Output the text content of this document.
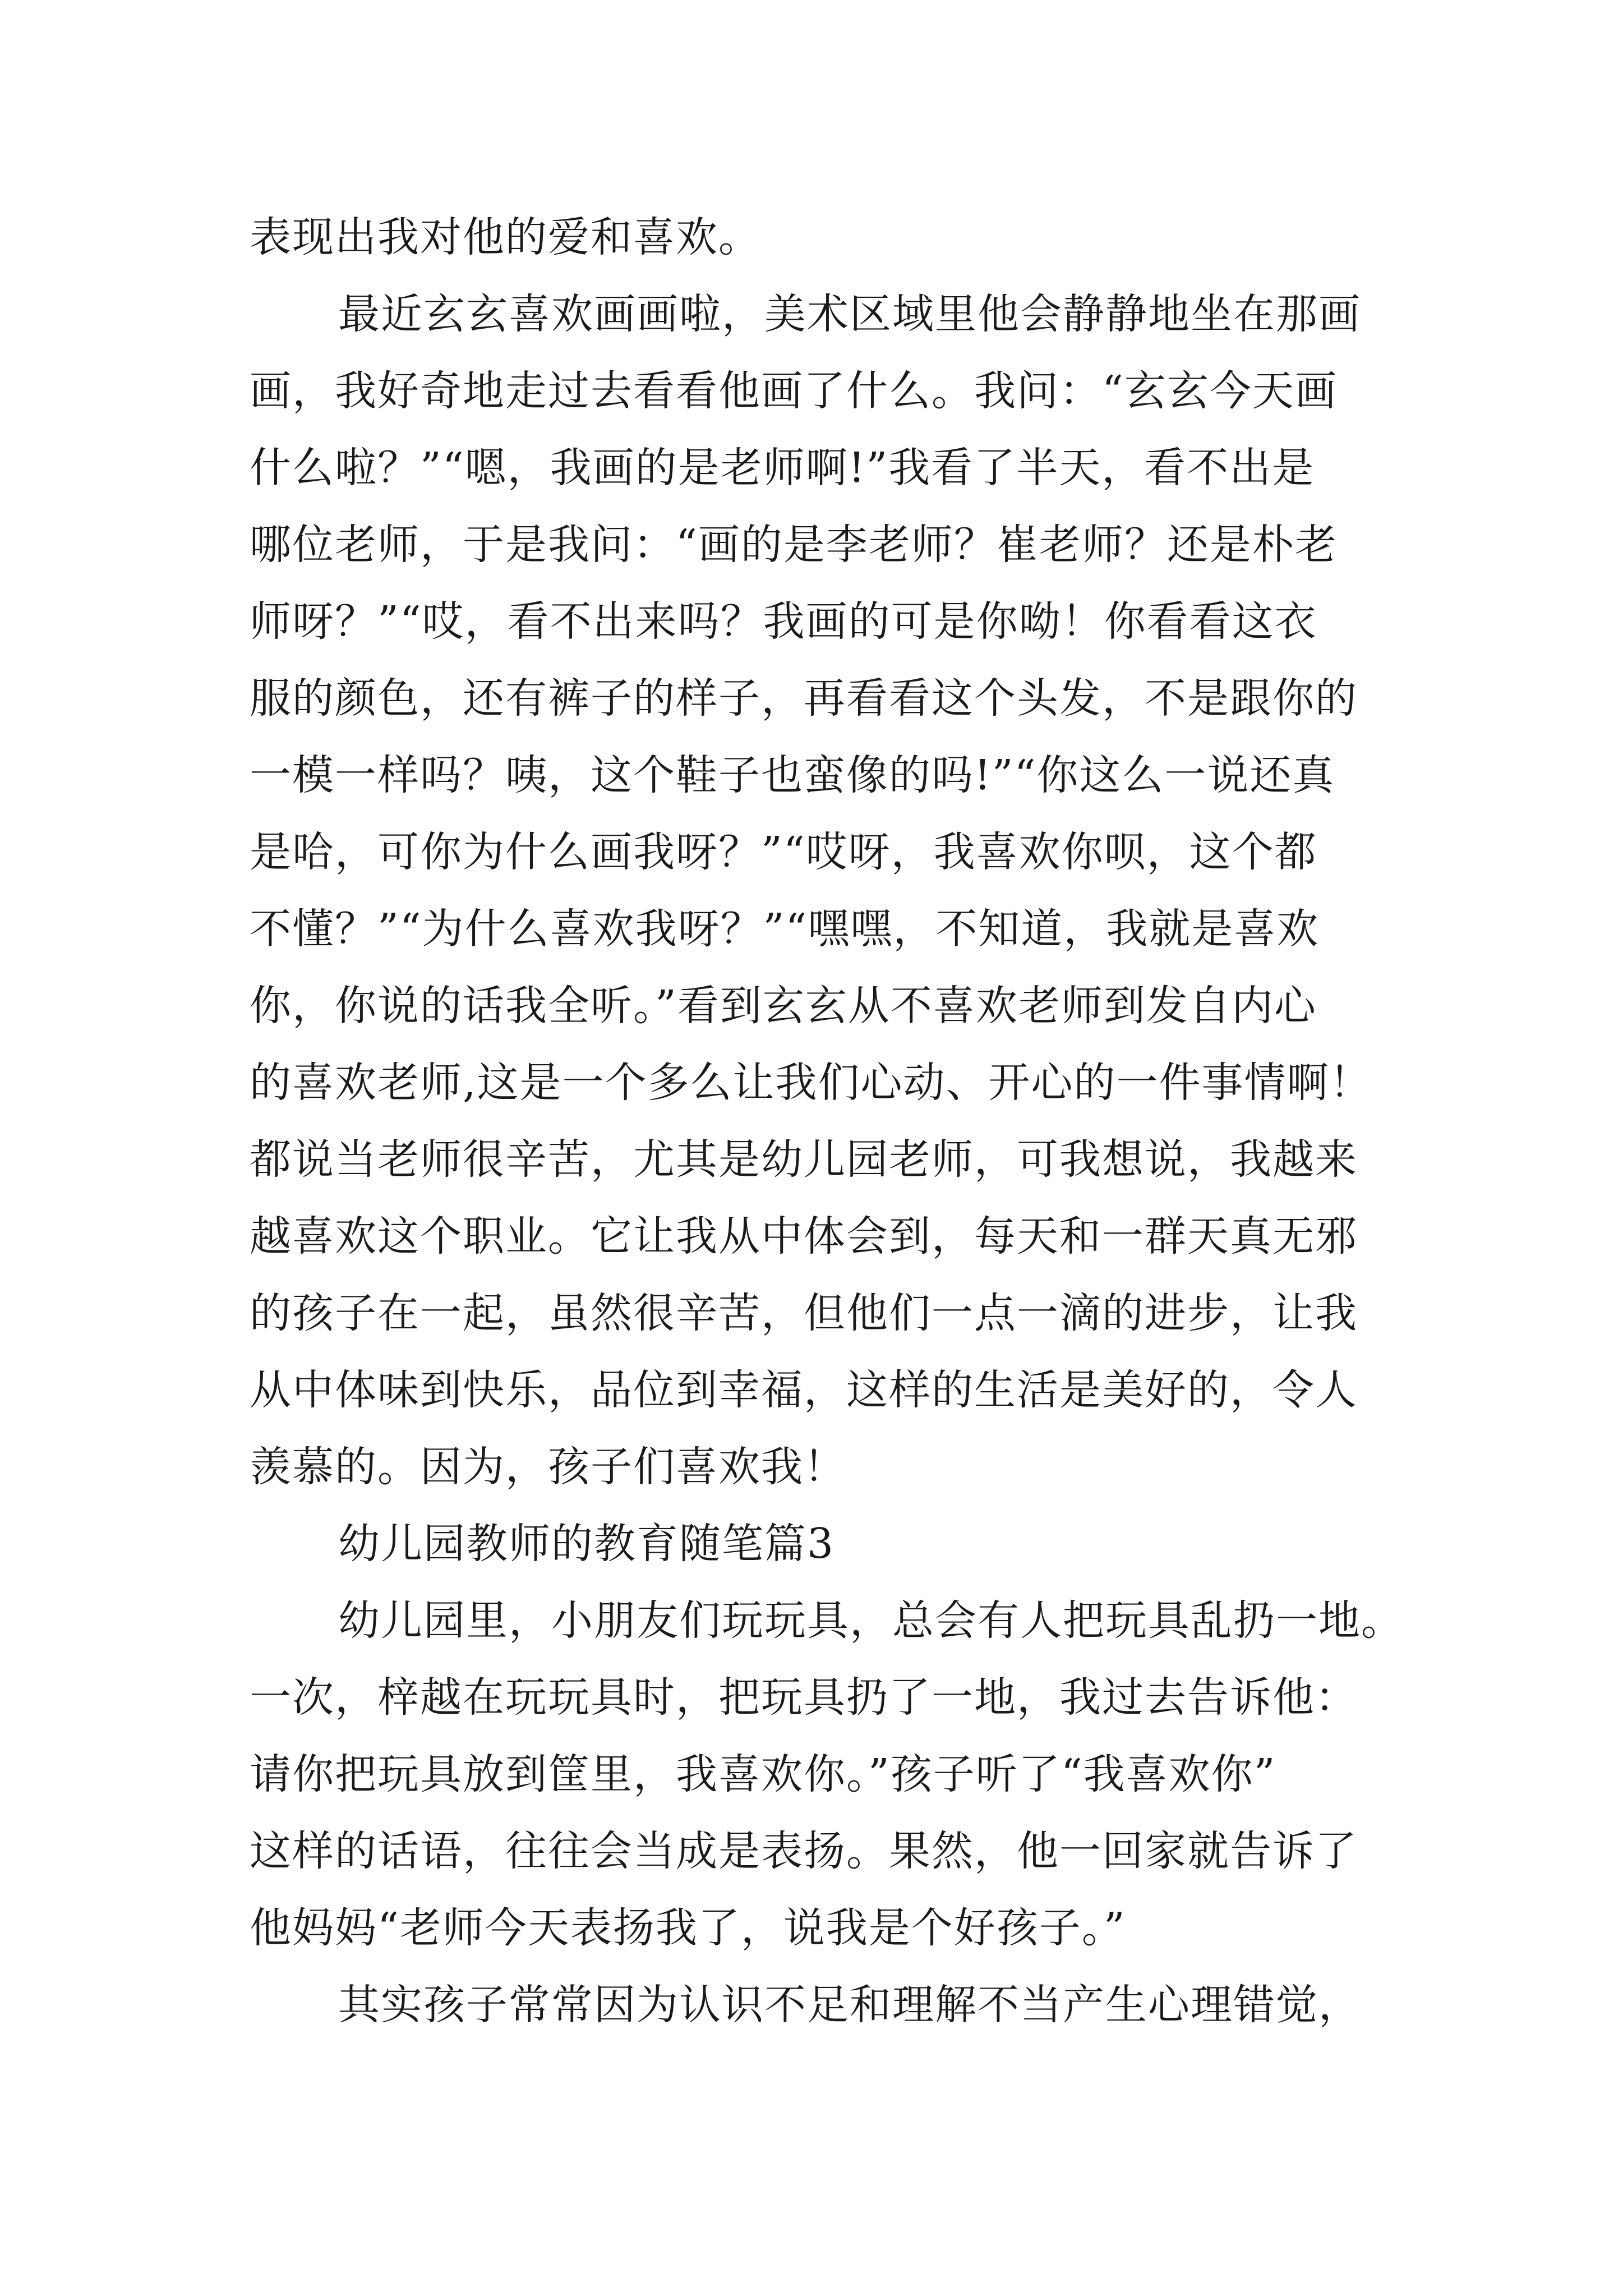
表现出我对他的爱和喜欢。
最近玄玄喜欢画画啦，美术区域里他会静静地坐在那画
画，我好奇地走过去看看他画了什么。我问：“玄玄今天画
什么啦？”“嗯，我画的是老师啊!”我看了半天，看不出是
哪位老师，于是我问：“画的是李老师？崔老师？还是朴老
师呀？”“哎，看不出来吗？我画的可是你呦！你看看这衣
服的颜色，还有裤子的样子，再看看这个头发，不是跟你的
一模一样吗？咦，这个鞋子也蛮像的吗!”“你这么一说还真
是哈，可你为什么画我呀？”“哎呀，我喜欢你呗，这个都
不懂？”“为什么喜欢我呀？”“嘿嘿，不知道，我就是喜欢
你，你说的话我全听。”看到玄玄从不喜欢老师到发自内心
的喜欢老师,这是一个多么让我们心动、开心的一件事情啊！
都说当老师很辛苦，尤其是幼儿园老师，可我想说，我越来
越喜欢这个职业。它让我从中体会到，每天和一群天真无邪
的孩子在一起，虽然很辛苦，但他们一点一滴的进步，让我
从中体味到快乐，品位到幸福，这样的生活是美好的，令人
羡慕的。因为，孩子们喜欢我！
幼儿园教师的教育随笔篇3
幼儿园里，小朋友们玩玩具，总会有人把玩具乱扔一地。
一次，梓越在玩玩具时，把玩具扔了一地，我过去告诉他：
请你把玩具放到筐里，我喜欢你。”孩子听了“我喜欢你”
这样的话语，往往会当成是表扬。果然，他一回家就告诉了
他妈妈“老师今天表扬我了，说我是个好孩子。”
其实孩子常常因为认识不足和理解不当产生心理错觉，
